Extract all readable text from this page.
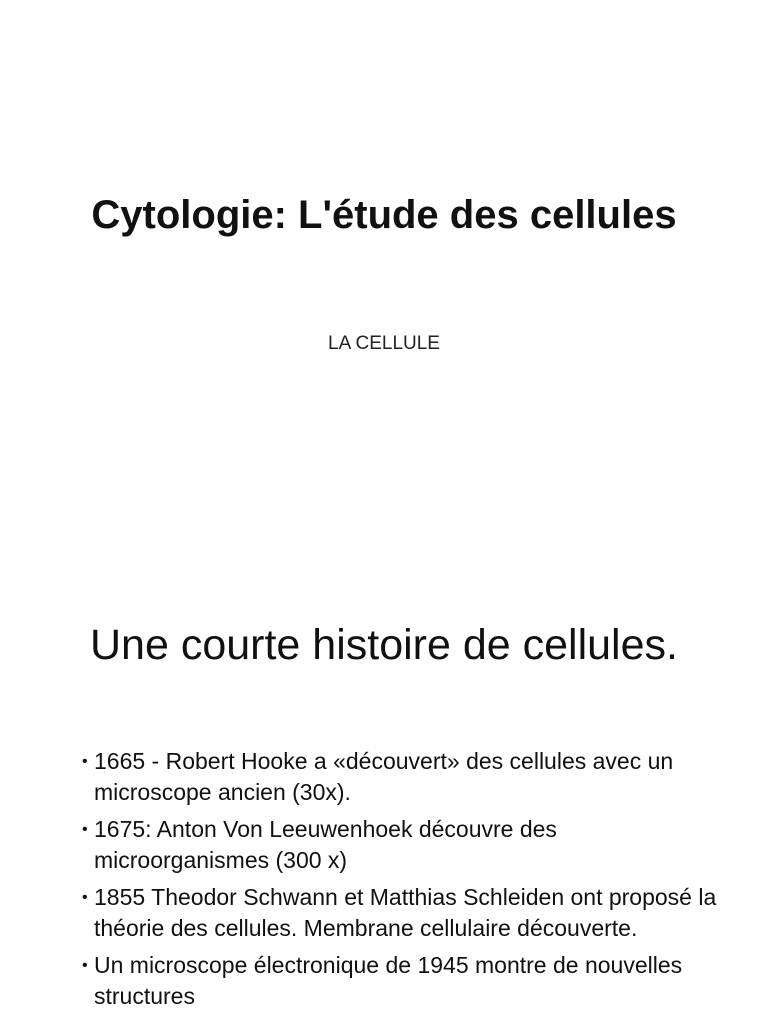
Cytologie: L'étude des cellules

LA CELLULE

Une courte histoire de cellules.
• 1665 - Robert Hooke a «découvert» des cellules avec un microscope ancien (30x).
• 1675: Anton Von Leeuwenhoek découvre des microorganismes (300 x)
• 1855 Theodor Schwann et Matthias Schleiden ont proposé la théorie des cellules. Membrane cellulaire découverte.
• Un microscope électronique de 1945 montre de nouvelles structures
